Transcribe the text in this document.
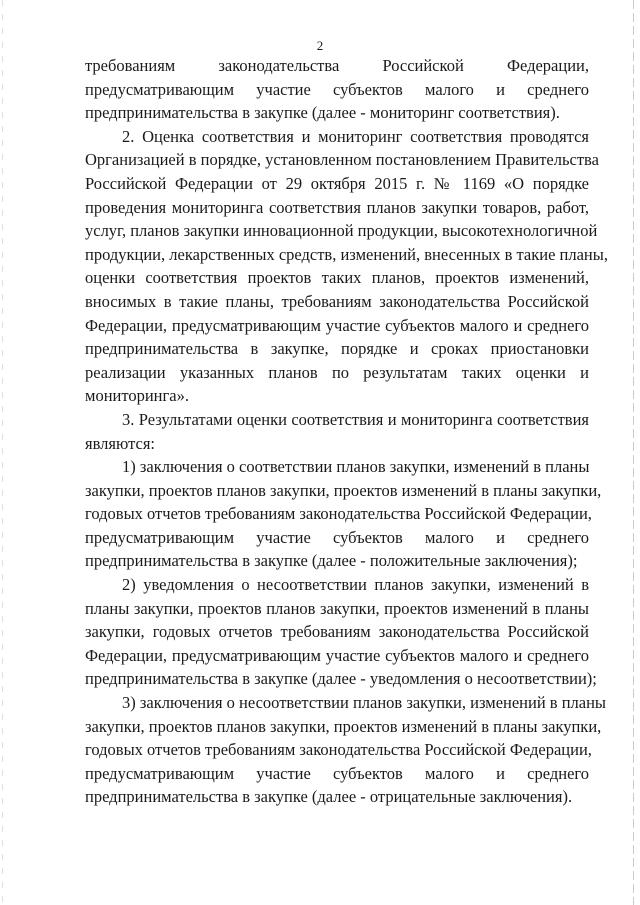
2
требованиям законодательства Российской Федерации,
предусматривающим участие субъектов малого и среднего
предпринимательства в закупке (далее - мониторинг соответствия).
2. Оценка соответствия и мониторинг соответствия проводятся
Организацией в порядке, установленном постановлением Правительства
Российской Федерации от 29 октября 2015 г. № 1169 «О порядке
проведения мониторинга соответствия планов закупки товаров, работ,
услуг, планов закупки инновационной продукции, высокотехнологичной
продукции, лекарственных средств, изменений, внесенных в такие планы,
оценки соответствия проектов таких планов, проектов изменений,
вносимых в такие планы, требованиям законодательства Российской
Федерации, предусматривающим участие субъектов малого и среднего
предпринимательства в закупке, порядке и сроках приостановки
реализации указанных планов по результатам таких оценки и
мониторинга».
3. Результатами оценки соответствия и мониторинга соответствия
являются:
1) заключения о соответствии планов закупки, изменений в планы
закупки, проектов планов закупки, проектов изменений в планы закупки,
годовых отчетов требованиям законодательства Российской Федерации,
предусматривающим участие субъектов малого и среднего
предпринимательства в закупке (далее - положительные заключения);
2) уведомления о несоответствии планов закупки, изменений в
планы закупки, проектов планов закупки, проектов изменений в планы
закупки, годовых отчетов требованиям законодательства Российской
Федерации, предусматривающим участие субъектов малого и среднего
предпринимательства в закупке (далее - уведомления о несоответствии);
3) заключения о несоответствии планов закупки, изменений в планы
закупки, проектов планов закупки, проектов изменений в планы закупки,
годовых отчетов требованиям законодательства Российской Федерации,
предусматривающим участие субъектов малого и среднего
предпринимательства в закупке (далее - отрицательные заключения).
